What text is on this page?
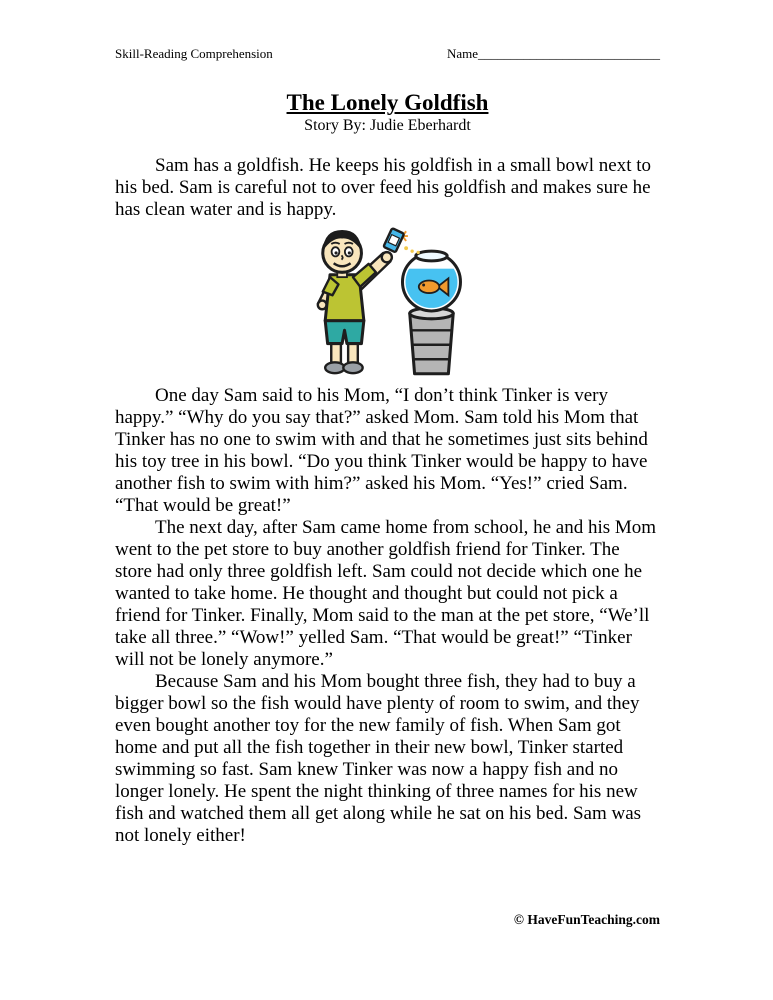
Skill-Reading Comprehension	Name____________________________
The Lonely Goldfish
Story By: Judie Eberhardt

Sam has a goldfish. He keeps his goldfish in a small bowl next to his bed. Sam is careful not to over feed his goldfish and makes sure he has clean water and is happy.

One day Sam said to his Mom, “I don’t think Tinker is very happy.” “Why do you say that?” asked Mom. Sam told his Mom that Tinker has no one to swim with and that he sometimes just sits behind his toy tree in his bowl. “Do you think Tinker would be happy to have another fish to swim with him?” asked his Mom. “Yes!” cried Sam. “That would be great!”

The next day, after Sam came home from school, he and his Mom went to the pet store to buy another goldfish friend for Tinker. The store had only three goldfish left. Sam could not decide which one he wanted to take home. He thought and thought but could not pick a friend for Tinker. Finally, Mom said to the man at the pet store, “We’ll take all three.” “Wow!” yelled Sam. “That would be great!” “Tinker will not be lonely anymore.”

Because Sam and his Mom bought three fish, they had to buy a bigger bowl so the fish would have plenty of room to swim, and they even bought another toy for the new family of fish. When Sam got home and put all the fish together in their new bowl, Tinker started swimming so fast. Sam knew Tinker was now a happy fish and no longer lonely. He spent the night thinking of three names for his new fish and watched them all get along while he sat on his bed. Sam was not lonely either!

© HaveFunTeaching.com
